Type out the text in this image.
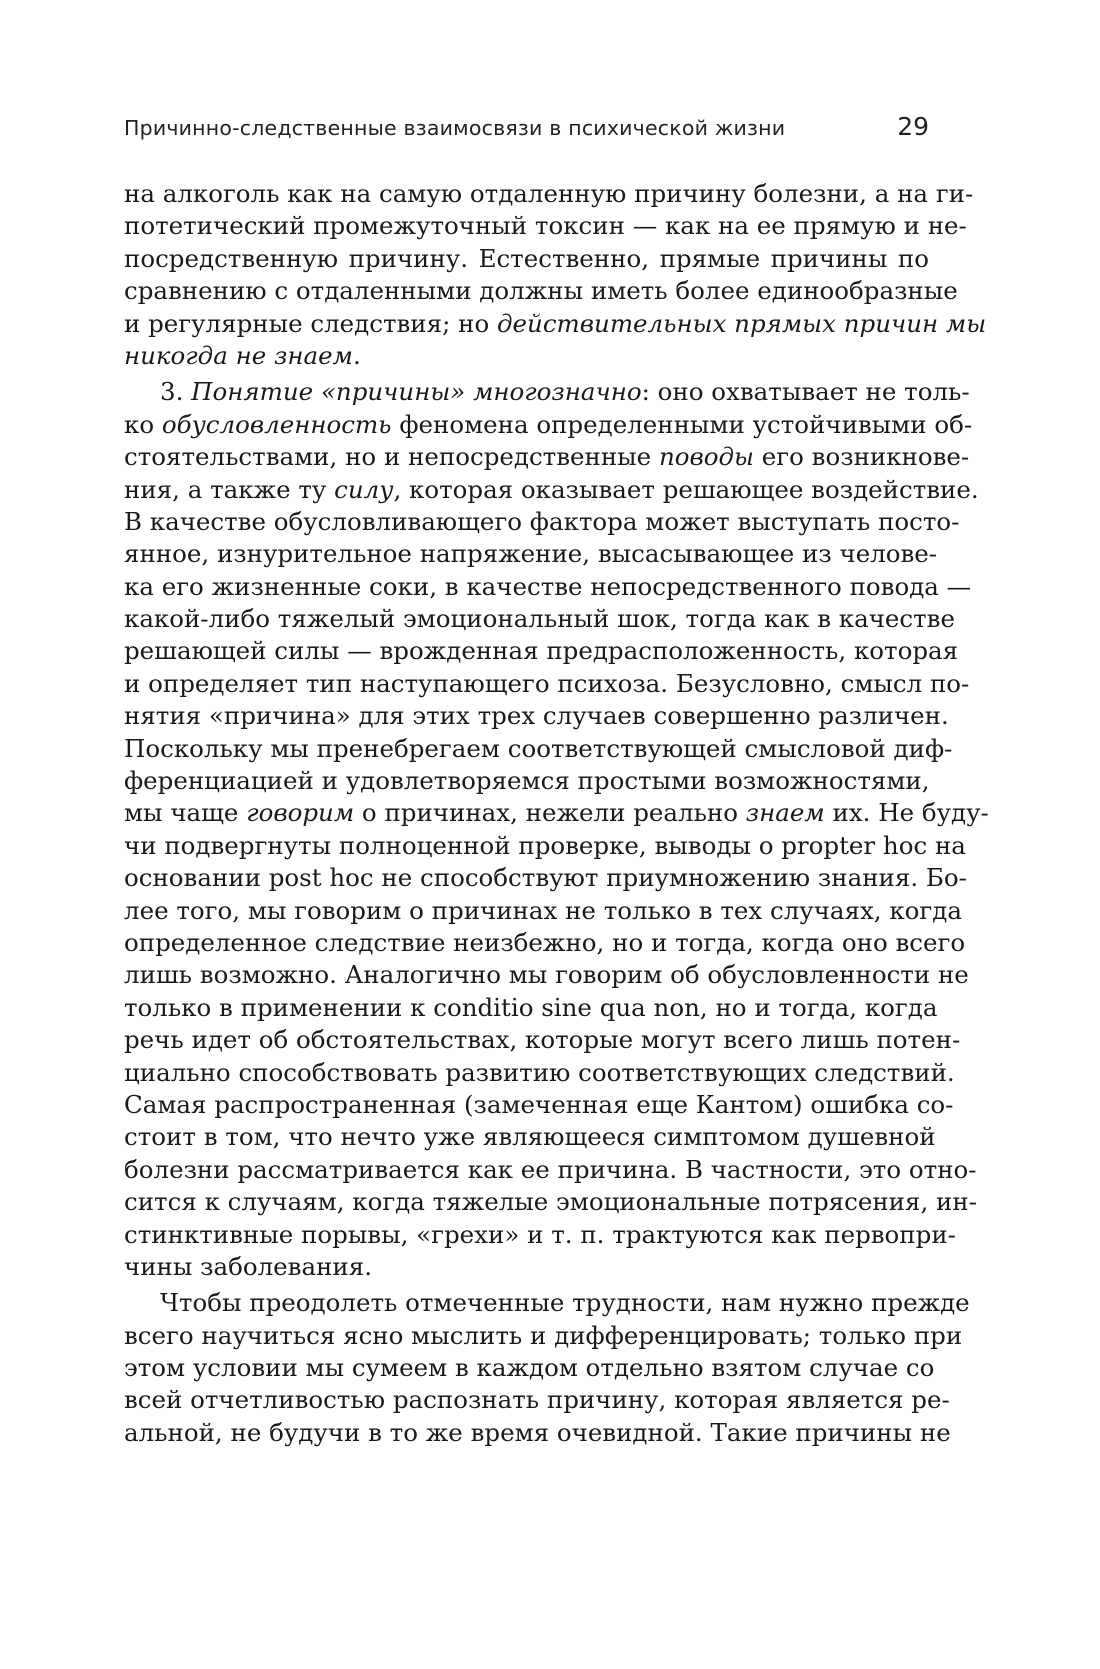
Причинно-следственные взаимосвязи в психической жизни	29
на алкоголь как на самую отдаленную причину болезни, а на ги-
потетический промежуточный токсин — как на ее прямую и не-
посредственную причину. Естественно, прямые причины по
сравнению с отдаленными должны иметь более единообразные
и регулярные следствия; но действительных прямых причин мы
никогда не знаем.
3. Понятие «причины» многозначно: оно охватывает не толь-
ко обусловленность феномена определенными устойчивыми об-
стоятельствами, но и непосредственные поводы его возникнове-
ния, а также ту силу, которая оказывает решающее воздействие.
В качестве обусловливающего фактора может выступать посто-
янное, изнурительное напряжение, высасывающее из челове-
ка его жизненные соки, в качестве непосредственного повода —
какой-либо тяжелый эмоциональный шок, тогда как в качестве
решающей силы — врожденная предрасположенность, которая
и определяет тип наступающего психоза. Безусловно, смысл по-
нятия «причина» для этих трех случаев совершенно различен.
Поскольку мы пренебрегаем соответствующей смысловой диф-
ференциацией и удовлетворяемся простыми возможностями,
мы чаще говорим о причинах, нежели реально знаем их. Не буду-
чи подвергнуты полноценной проверке, выводы о propter hoc на
основании post hoc не способствуют приумножению знания. Бо-
лее того, мы говорим о причинах не только в тех случаях, когда
определенное следствие неизбежно, но и тогда, когда оно всего
лишь возможно. Аналогично мы говорим об обусловленности не
только в применении к conditio sine qua non, но и тогда, когда
речь идет об обстоятельствах, которые могут всего лишь потен-
циально способствовать развитию соответствующих следствий.
Самая распространенная (замеченная еще Кантом) ошибка со-
стоит в том, что нечто уже являющееся симптомом душевной
болезни рассматривается как ее причина. В частности, это отно-
сится к случаям, когда тяжелые эмоциональные потрясения, ин-
стинктивные порывы, «грехи» и т. п. трактуются как первопри-
чины заболевания.
Чтобы преодолеть отмеченные трудности, нам нужно прежде
всего научиться ясно мыслить и дифференцировать; только при
этом условии мы сумеем в каждом отдельно взятом случае со
всей отчетливостью распознать причину, которая является ре-
альной, не будучи в то же время очевидной. Такие причины не
